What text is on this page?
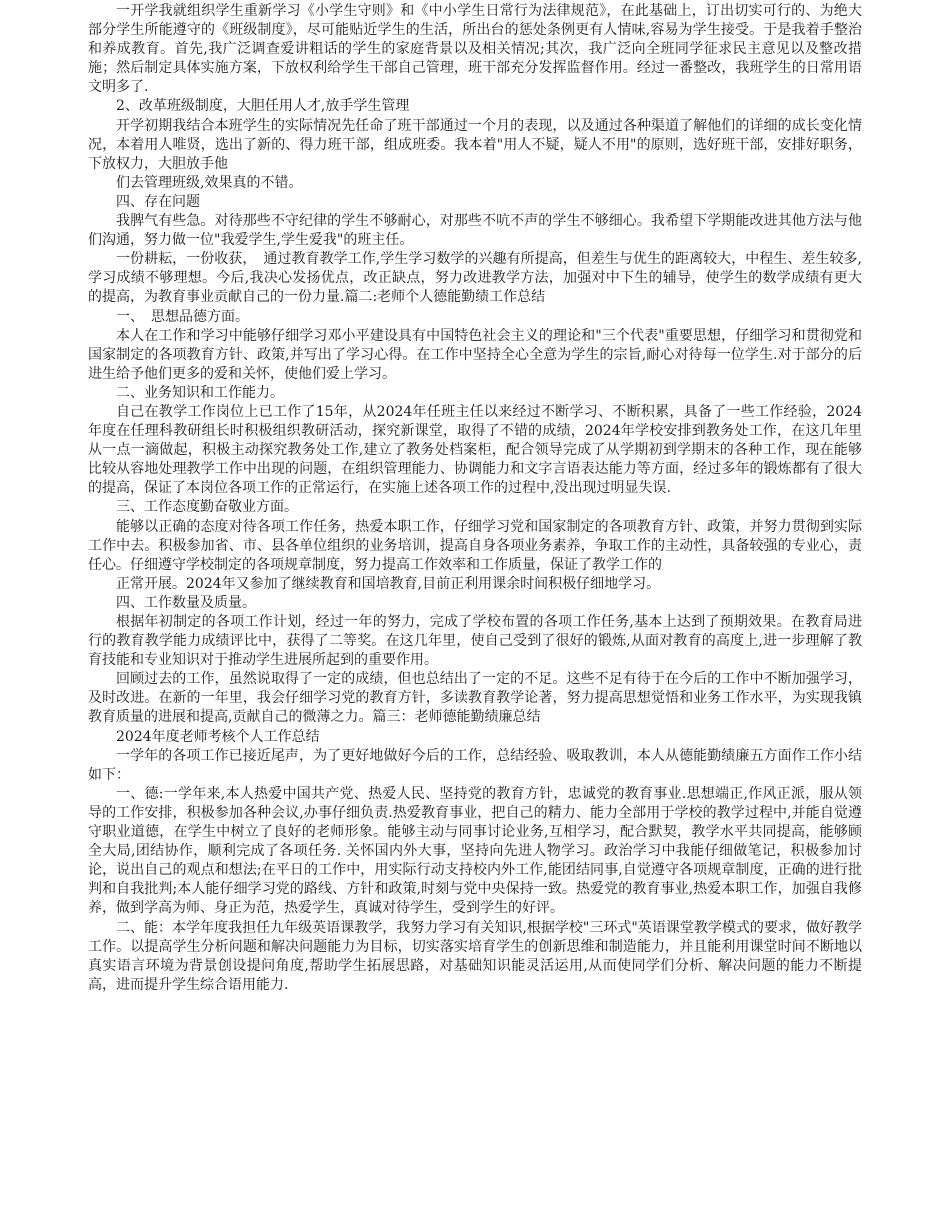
一开学我就组织学生重新学习《小学生守则》和《中小学生日常行为法律规范》，在此基础上，订出切实可行的、为绝大部分学生所能遵守的《班级制度》，尽可能贴近学生的生活，所出台的惩处条例更有人情味,容易为学生接受。于是我着手整治和养成教育。首先,我广泛调查爱讲粗话的学生的家庭背景以及相关情况;其次，我广泛向全班同学征求民主意见以及整改措施；然后制定具体实施方案，下放权利给学生干部自己管理，班干部充分发挥监督作用。经过一番整改，我班学生的日常用语文明多了.

2、改革班级制度，大胆任用人才,放手学生管理

开学初期我结合本班学生的实际情况先任命了班干部通过一个月的表现，以及通过各种渠道了解他们的详细的成长变化情况，本着用人唯贤，选出了新的、得力班干部，组成班委。我本着"用人不疑，疑人不用"的原则，选好班干部，安排好职务，下放权力，大胆放手他

们去管理班级,效果真的不错。

四、存在问题

我脾气有些急。对待那些不守纪律的学生不够耐心，对那些不吭不声的学生不够细心。我希望下学期能改进其他方法与他们沟通，努力做一位"我爱学生,学生爱我"的班主任。

一份耕耘，一份收获，　通过教育教学工作,学生学习数学的兴趣有所提高，但差生与优生的距离较大，中程生、差生较多,学习成绩不够理想。今后,我决心发扬优点，改正缺点，努力改进教学方法，加强对中下生的辅导，使学生的数学成绩有更大的提高，为教育事业贡献自己的一份力量.篇二:老师个人德能勤绩工作总结

一、　思想品德方面。

本人在工作和学习中能够仔细学习邓小平建设具有中国特色社会主义的理论和"三个代表"重要思想，仔细学习和贯彻党和国家制定的各项教育方针、政策,并写出了学习心得。在工作中坚持全心全意为学生的宗旨,耐心对待每一位学生.对于部分的后进生给予他们更多的爱和关怀，使他们爱上学习。

二、业务知识和工作能力。

自己在教学工作岗位上已工作了15年，从2024年任班主任以来经过不断学习、不断积累，具备了一些工作经验，2024年度在任理科教研组长时积极组织教研活动，探究新课堂，取得了不错的成绩，2024年学校安排到教务处工作，在这几年里从一点一滴做起，积极主动探究教务处工作,建立了教务处档案柜，配合领导完成了从学期初到学期末的各种工作，现在能够比较从容地处理教学工作中出现的问题，在组织管理能力、协调能力和文字言语表达能力等方面，经过多年的锻炼都有了很大的提高，保证了本岗位各项工作的正常运行，在实施上述各项工作的过程中,没出现过明显失误.

三、工作态度勤奋敬业方面。

能够以正确的态度对待各项工作任务，热爱本职工作，仔细学习党和国家制定的各项教育方针、政策，并努力贯彻到实际工作中去。积极参加省、市、县各单位组织的业务培训，提高自身各项业务素养，争取工作的主动性，具备较强的专业心，责任心。仔细遵守学校制定的各项规章制度，努力提高工作效率和工作质量，保证了教学工作的

正常开展。2024年又参加了继续教育和国培教育,目前正利用课余时间积极仔细地学习。

四、工作数量及质量。

根据年初制定的各项工作计划，经过一年的努力，完成了学校布置的各项工作任务,基本上达到了预期效果。在教育局进行的教育教学能力成绩评比中，获得了二等奖。在这几年里，使自己受到了很好的锻炼,从面对教育的高度上,进一步理解了教育技能和专业知识对于推动学生进展所起到的重要作用。

回顾过去的工作，虽然说取得了一定的成绩，但也总结出了一定的不足。这些不足有待于在今后的工作中不断加强学习，及时改进。在新的一年里，我会仔细学习党的教育方针，多读教育教学论著，努力提高思想觉悟和业务工作水平，为实现我镇教育质量的进展和提高,贡献自己的微薄之力。篇三：老师德能勤绩廉总结

2024年度老师考核个人工作总结

一学年的各项工作已接近尾声，为了更好地做好今后的工作，总结经验、吸取教训，本人从德能勤绩廉五方面作工作小结如下：

一、德:一学年来,本人热爱中国共产党、热爱人民、坚持党的教育方针，忠诚党的教育事业.思想端正,作风正派，服从领导的工作安排，积极参加各种会议,办事仔细负责.热爱教育事业，把自己的精力、能力全部用于学校的教学过程中,并能自觉遵守职业道德，在学生中树立了良好的老师形象。能够主动与同事讨论业务,互相学习，配合默契，教学水平共同提高，能够顾全大局,团结协作，顺利完成了各项任务. 关怀国内外大事，坚持向先进人物学习。政治学习中我能仔细做笔记，积极参加讨论，说出自己的观点和想法;在平日的工作中，用实际行动支持校内外工作,能团结同事,自觉遵守各项规章制度，正确的进行批判和自我批判;本人能仔细学习党的路线、方针和政策,时刻与党中央保持一致。热爱党的教育事业,热爱本职工作，加强自我修养，做到学高为师、身正为范，热爱学生，真诚对待学生，受到学生的好评。

二、能：本学年度我担任九年级英语课教学，我努力学习有关知识,根据学校"三环式"英语课堂教学模式的要求，做好教学工作。以提高学生分析问题和解决问题能力为目标，切实落实培育学生的创新思维和制造能力，并且能利用课堂时间不断地以真实语言环境为背景创设提问角度,帮助学生拓展思路，对基础知识能灵活运用,从而使同学们分析、解决问题的能力不断提高，进而提升学生综合语用能力.
